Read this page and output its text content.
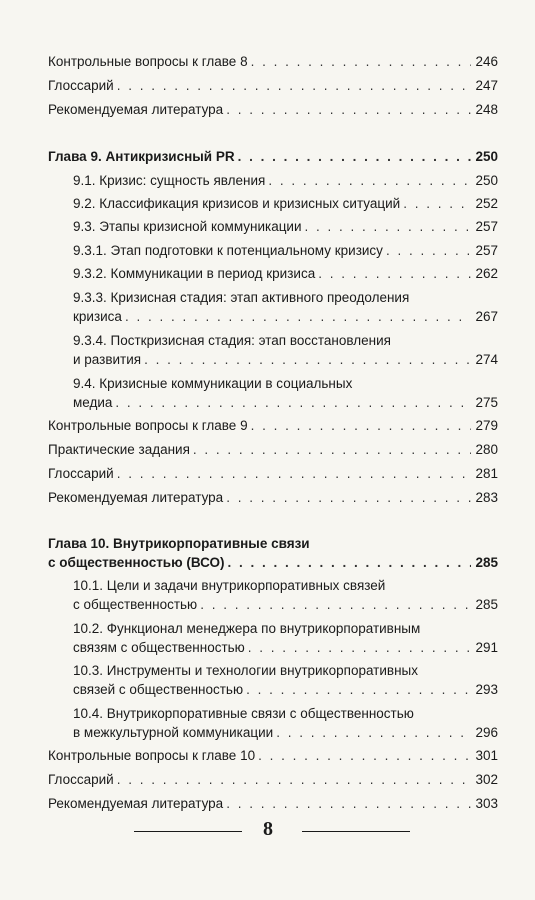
Контрольные вопросы к главе 8 . . .	246
Глоссарий . . .	247
Рекомендуемая литература . . .	248
Глава 9. Антикризисный PR . . .	250
9.1. Кризис: сущность явления . . .	250
9.2. Классификация кризисов и кризисных ситуаций . . .	252
9.3. Этапы кризисной коммуникации . . .	257
9.3.1. Этап подготовки к потенциальному кризису . . .	257
9.3.2. Коммуникации в период кризиса . . .	262
9.3.3. Кризисная стадия: этап активного преодоления
кризиса . . .	267
9.3.4. Посткризисная стадия: этап восстановления
и развития . . .	274
9.4. Кризисные коммуникации в социальных
медиа . . .	275
Контрольные вопросы к главе 9 . . .	279
Практические задания . . .	280
Глоссарий . . .	281
Рекомендуемая литература . . .	283
Глава 10. Внутрикорпоративные связи
с общественностью (ВСО) . . .	285
10.1. Цели и задачи внутрикорпоративных связей
с общественностью . . .	285
10.2. Функционал менеджера по внутрикорпоративным
связям с общественностью . . .	291
10.3. Инструменты и технологии внутрикорпоративных
связей с общественностью . . .	293
10.4. Внутрикорпоративные связи с общественностью
в межкультурной коммуникации . . .	296
Контрольные вопросы к главе 10 . . .	301
Глоссарий . . .	302
Рекомендуемая литература . . .	303
8
